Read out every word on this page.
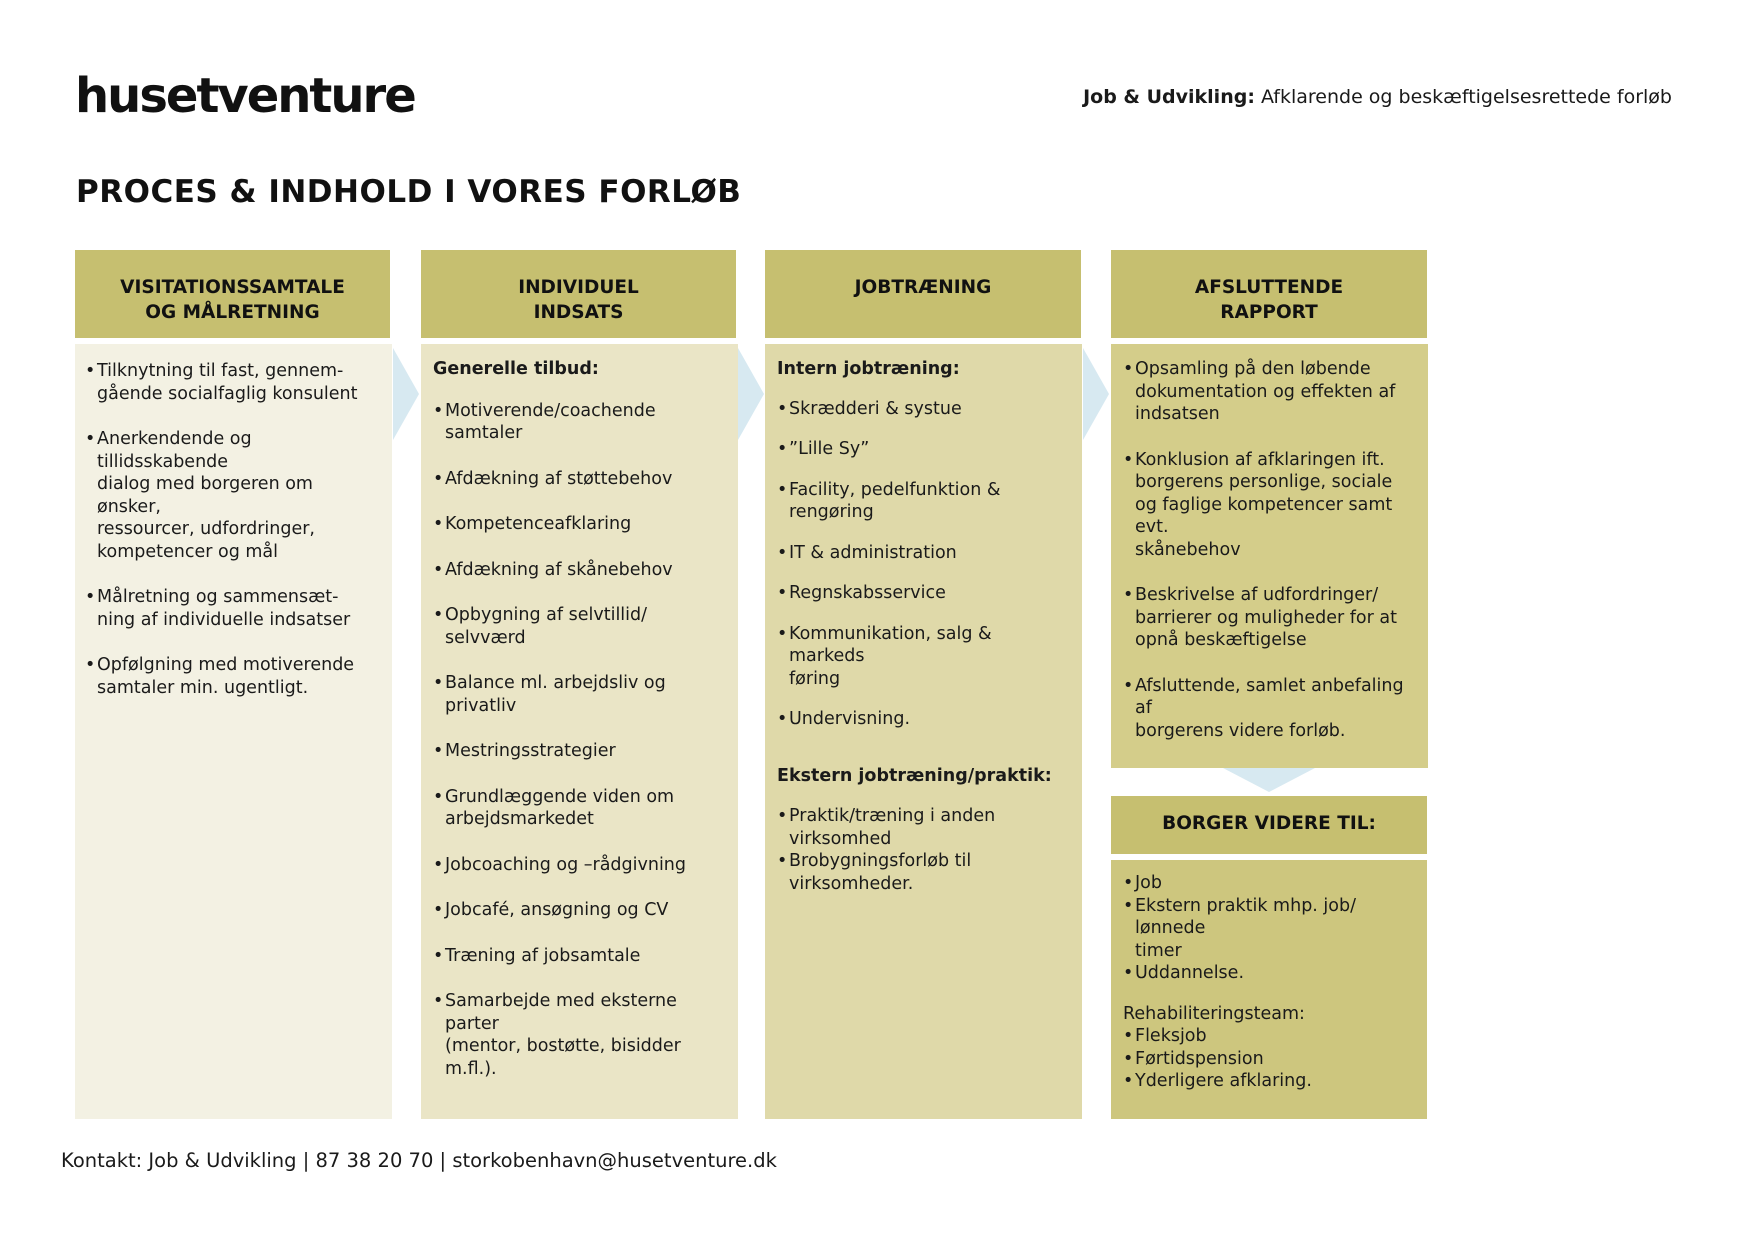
husetventure	Job & Udvikling: Afklarende og beskæftigelsesrettede forløb
PROCES & INDHOLD I VORES FORLØB
VISITATIONSSAMTALE
OG MÅLRETNING
INDIVIDUEL
INDSATS
JOBTRÆNING	AFSLUTTENDE
RAPPORT
• Tilknytning til fast, gennem-
gående socialfaglig konsulent
• Anerkendende og tillidsskabende
dialog med borgeren om ønsker,
ressourcer, udfordringer,
kompetencer og mål
• Målretning og sammensæt-
ning af individuelle indsatser
• Opfølgning med motiverende
samtaler min. ugentligt.
Generelle tilbud:
• Motiverende/coachende
samtaler
• Afdækning af støttebehov
• Kompetenceafklaring
• Afdækning af skånebehov
• Opbygning af selvtillid/
selvværd
• Balance ml. arbejdsliv og privatliv
• Mestringsstrategier
• Grundlæggende viden om
arbejdsmarkedet
• Jobcoaching og –rådgivning
• Jobcafé, ansøgning og CV
• Træning af jobsamtale
• Samarbejde med eksterne parter
(mentor, bostøtte, bisidder m.fl.).
Intern jobtræning:
• Skrædderi & systue
• ”Lille Sy”
• Facility, pedelfunktion &
rengøring
• IT & administration
• Regnskabsservice
• Kommunikation, salg & markeds
føring
• Undervisning.
Ekstern jobtræning/praktik:
• Praktik/træning i anden
virksomhed
• Brobygningsforløb til
virksomheder.
• Opsamling på den løbende
dokumentation og effekten af
indsatsen
• Konklusion af afklaringen ift.
borgerens personlige, sociale
og faglige kompetencer samt evt.
skånebehov
• Beskrivelse af udfordringer/
barrierer og muligheder for at
opnå beskæftigelse
• Afsluttende, samlet anbefaling af
borgerens videre forløb.
BORGER VIDERE TIL:
• Job
• Ekstern praktik mhp. job/ lønnede
timer
• Uddannelse.
Rehabiliteringsteam:
• Fleksjob
• Førtidspension
• Yderligere afklaring.
Kontakt: Job & Udvikling | 87 38 20 70 | storkobenhavn@husetventure.dk
